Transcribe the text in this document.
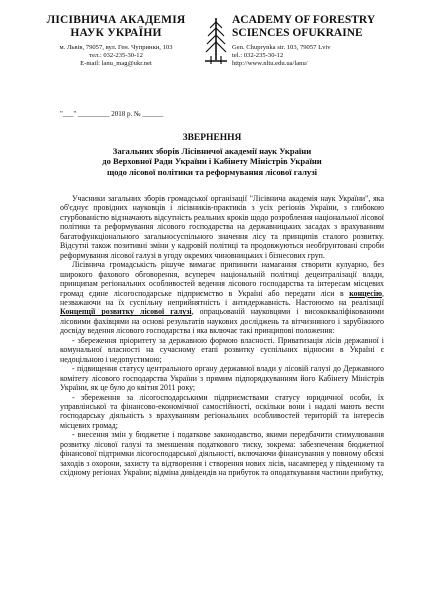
ЛІСІВНИЧА АКАДЕМІЯ
НАУК УКРАЇНИ
м. Львів, 79057, вул. Ген. Чупринки, 103
тел.: 032-235-30-12
E-mail: lanu_mag@ukr.net
ACADEMY OF FORESTRY
SCIENCES OFUKRAINE
Gen. Chuprynka str. 103, 79057 Lviv
tel.: 032-235-30-12
http://www.nltu.edu.ua/lanu/
"___" _________ 2018 р. № ______
ЗВЕРНЕННЯ
Загальних зборів Лісівничої академії наук України
до Верховної Ради України і Кабінету Міністрів України
щодо лісової політики та реформування лісової галузі

Учасники загальних зборів громадської організації "Лісівнича академія наук України", яка об'єднує провідних науковців і лісівників-практиків з усіх регіонів України, з глибокою стурбованістю відзначають відсутність реальних кроків щодо розроблення національної лісової політики та реформування лісового господарства на державницьких засадах з врахуванням багатофункціонального загальносуспільного значення лісу та принципів сталого розвитку. Відсутні також позитивні зміни у кадровій політиці та продовжуються необґрунтовані спроби реформування лісової галузі в угоду окремих чиновницьких і бізнесових груп.

Лісівнича громадськість рішуче вимагає припинити намагання створити кулуарно, без широкого фахового обговорення, всупереч національній політиці децентралізації влади, принципам регіональних особливостей ведення лісового господарства та інтересам місцевих громад єдине лісогосподарське підприємство в Україні або передати ліси в концесію, незважаючи на їх суспільну неприйнятність і антидержавність. Настоюємо на реалізації Концепції розвитку лісової галузі, опрацьованій науковцями і висококваліфікованими лісовими фахівцями на основі результатів наукових досліджень та вітчизняного і зарубіжного досвіду ведення лісового господарства і яка включає такі принципові положення:

- збереження пріоритету за державною формою власності. Приватизація лісів державної і комунальної власності на сучасному етапі розвитку суспільних відносин в Україні є недоцільною і недопустимою;

- підвищення статусу центрального органу державної влади у лісовій галузі до Державного комітету лісового господарства України з прямим підпорядкуванням його Кабінету Міністрів України, як це було до квітня 2011 року;

- збереження за лісогосподарськими підприємствами статусу юридичної особи, їх управлінської та фінансово-економічної самостійності, оскільки вони і надалі мають вести господарську діяльність з врахуванням регіональних особливостей територій та інтересів місцевих громад;

- внесення змін у бюджетне і податкове законодавство, якими передбачити стимулювання розвитку лісової галузі та зменшення податкового тиску, зокрема: забезпечення бюджетної фінансової підтримки лісогосподарської діяльності, включаючи фінансування у повному обсязі заходів з охорони, захисту та відтворення і створення нових лісів, насамперед у південному та східному регіонах України; відміна дивідендів на прибуток та оподаткування частини прибутку,
